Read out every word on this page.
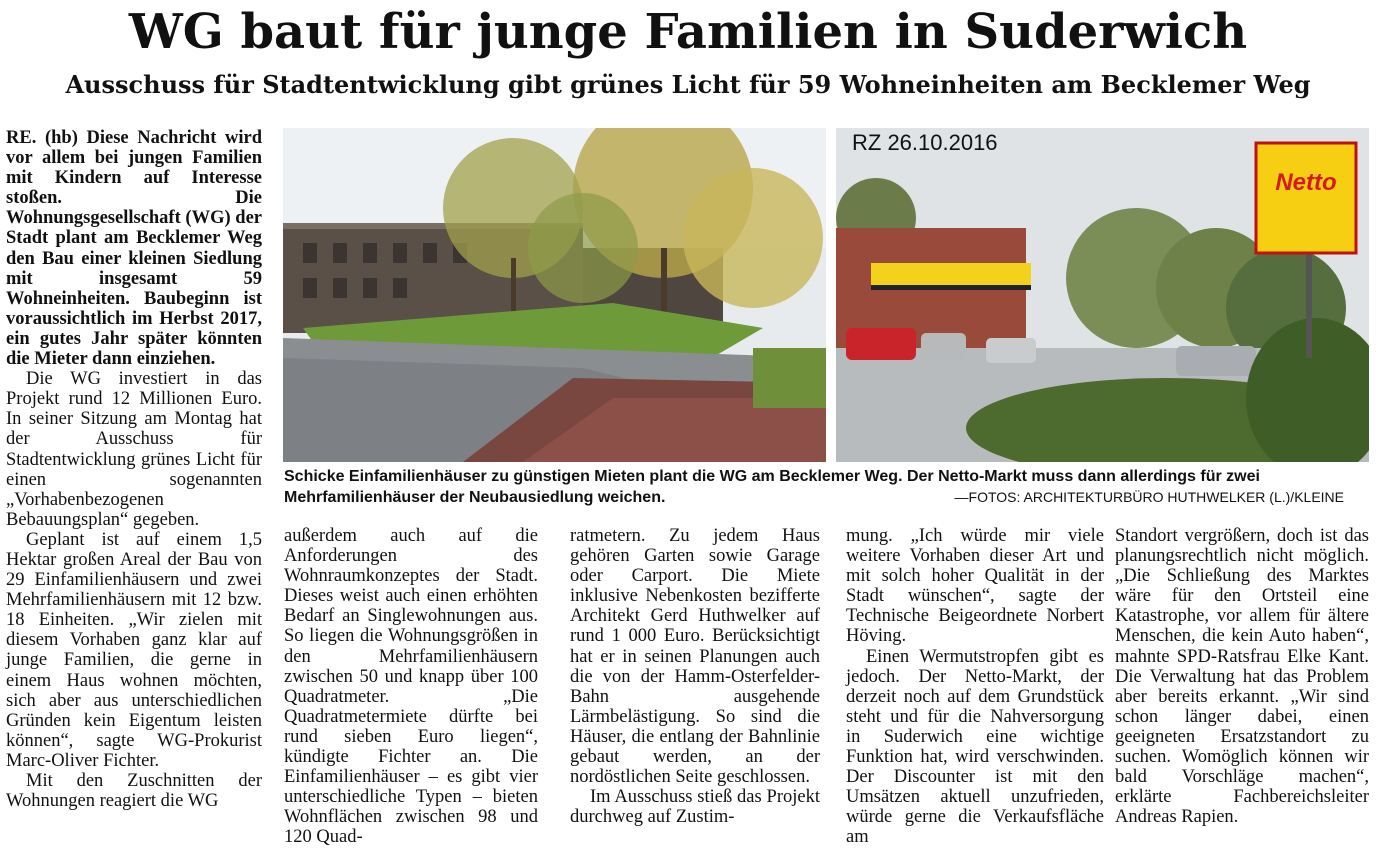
WG baut für junge Familien in Suderwich
Ausschuss für Stadtentwicklung gibt grünes Licht für 59 Wohneinheiten am Becklemer Weg

RE. (hb) Diese Nachricht wird vor allem bei jungen Familien mit Kindern auf Interesse stoßen. Die Wohnungsgesellschaft (WG) der Stadt plant am Becklemer Weg den Bau einer kleinen Siedlung mit insgesamt 59 Wohneinheiten. Baubeginn ist voraussichtlich im Herbst 2017, ein gutes Jahr später könnten die Mieter dann einziehen.

Die WG investiert in das Projekt rund 12 Millionen Euro. In seiner Sitzung am Montag hat der Ausschuss für Stadtentwicklung grünes Licht für einen sogenannten „Vorhabenbezogenen Bebauungsplan“ gegeben.

Geplant ist auf einem 1,5 Hektar großen Areal der Bau von 29 Einfamilienhäusern und zwei Mehrfamilienhäusern mit 12 bzw. 18 Einheiten. „Wir zielen mit diesem Vorhaben ganz klar auf junge Familien, die gerne in einem Haus wohnen möchten, sich aber aus unterschiedlichen Gründen kein Eigentum leisten können“, sagte WG-Prokurist Marc-Oliver Fichter.

Mit den Zuschnitten der Wohnungen reagiert die WG

Netto
RZ 26.10.2016
Schicke Einfamilienhäuser zu günstigen Mieten plant die WG am Becklemer Weg. Der Netto-Markt muss dann allerdings für zwei Mehrfamilienhäuser der Neubausiedlung weichen.	—FOTOS: ARCHITEKTURBÜRO HUTHWELKER (L.)/KLEINE

außerdem auch auf die Anforderungen des Wohnraumkonzeptes der Stadt. Dieses weist auch einen erhöhten Bedarf an Singlewohnungen aus. So liegen die Wohnungsgrößen in den Mehrfamilienhäusern zwischen 50 und knapp über 100 Quadratmeter. „Die Quadratmetermiete dürfte bei rund sieben Euro liegen“, kündigte Fichter an. Die Einfamilienhäuser – es gibt vier unterschiedliche Typen – bieten Wohnflächen zwischen 98 und 120 Quad-

ratmetern. Zu jedem Haus gehören Garten sowie Garage oder Carport. Die Miete inklusive Nebenkosten bezifferte Architekt Gerd Huthwelker auf rund 1 000 Euro. Berücksichtigt hat er in seinen Planungen auch die von der Hamm-Osterfelder-Bahn ausgehende Lärmbelästigung. So sind die Häuser, die entlang der Bahnlinie gebaut werden, an der nordöstlichen Seite geschlossen.

Im Ausschuss stieß das Projekt durchweg auf Zustim-

mung. „Ich würde mir viele weitere Vorhaben dieser Art und mit solch hoher Qualität in der Stadt wünschen“, sagte der Technische Beigeordnete Norbert Höving.

Einen Wermutstropfen gibt es jedoch. Der Netto-Markt, der derzeit noch auf dem Grundstück steht und für die Nahversorgung in Suderwich eine wichtige Funktion hat, wird verschwinden. Der Discounter ist mit den Umsätzen aktuell unzufrieden, würde gerne die Verkaufsfläche am

Standort vergrößern, doch ist das planungsrechtlich nicht möglich. „Die Schließung des Marktes wäre für den Ortsteil eine Katastrophe, vor allem für ältere Menschen, die kein Auto haben“, mahnte SPD-Ratsfrau Elke Kant. Die Verwaltung hat das Problem aber bereits erkannt. „Wir sind schon länger dabei, einen geeigneten Ersatzstandort zu suchen. Womöglich können wir bald Vorschläge machen“, erklärte Fachbereichsleiter Andreas Rapien.
